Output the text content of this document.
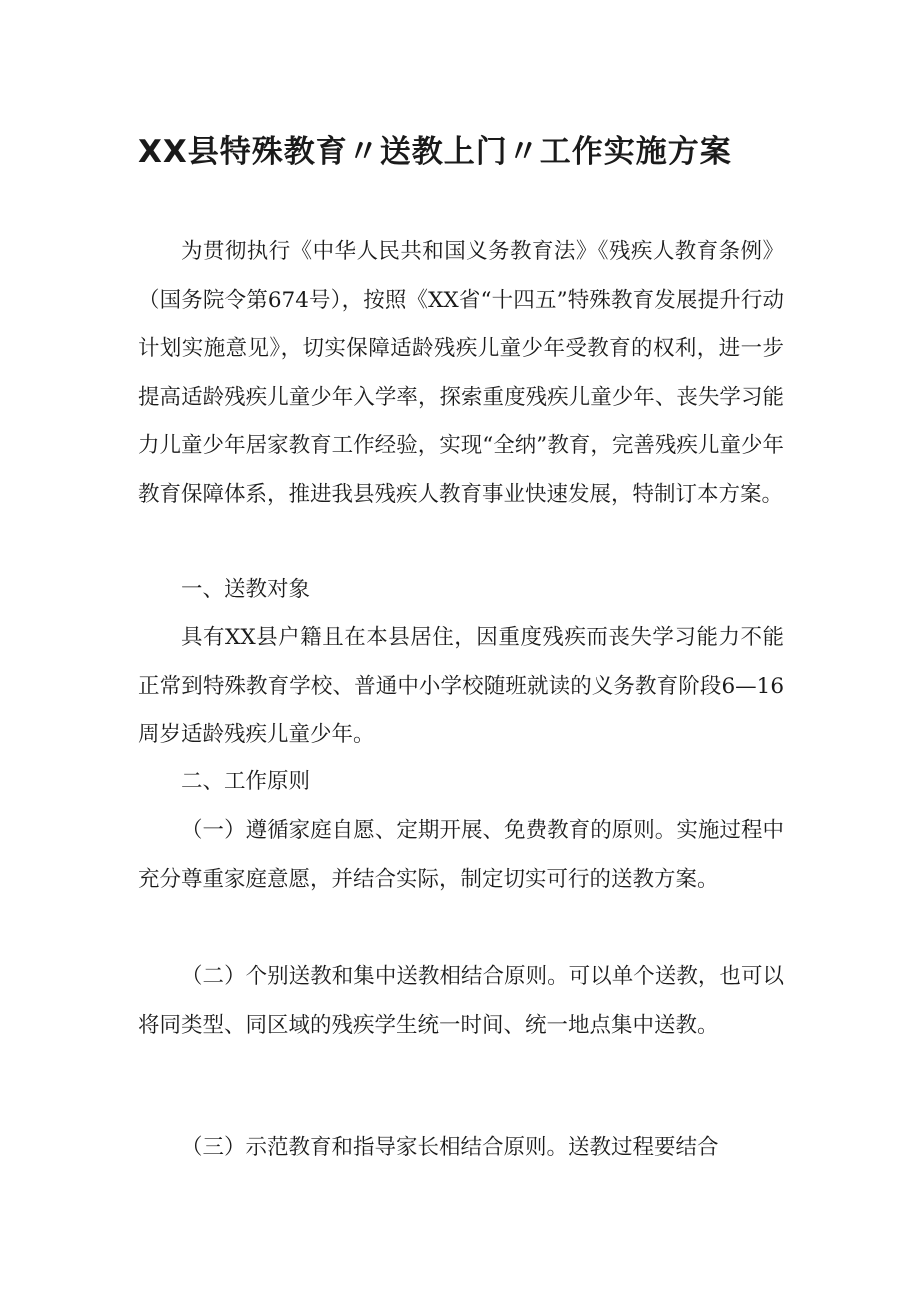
XX县特殊教育〃送教上门〃工作实施方案

为贯彻执行《中华人民共和国义务教育法》《残疾人教育条例》（国务院令第674号），按照《XX省“十四五”特殊教育发展提升行动计划实施意见》，切实保障适龄残疾儿童少年受教育的权利，进一步提高适龄残疾儿童少年入学率，探索重度残疾儿童少年、丧失学习能力儿童少年居家教育工作经验，实现“全纳”教育，完善残疾儿童少年教育保障体系，推进我县残疾人教育事业快速发展，特制订本方案。

一、送教对象

具有XX县户籍且在本县居住，因重度残疾而丧失学习能力不能正常到特殊教育学校、普通中小学校随班就读的义务教育阶段6—16周岁适龄残疾儿童少年。

二、工作原则

（一）遵循家庭自愿、定期开展、免费教育的原则。实施过程中充分尊重家庭意愿，并结合实际，制定切实可行的送教方案。

（二）个别送教和集中送教相结合原则。可以单个送教，也可以将同类型、同区域的残疾学生统一时间、统一地点集中送教。

（三）示范教育和指导家长相结合原则。送教过程要结合
